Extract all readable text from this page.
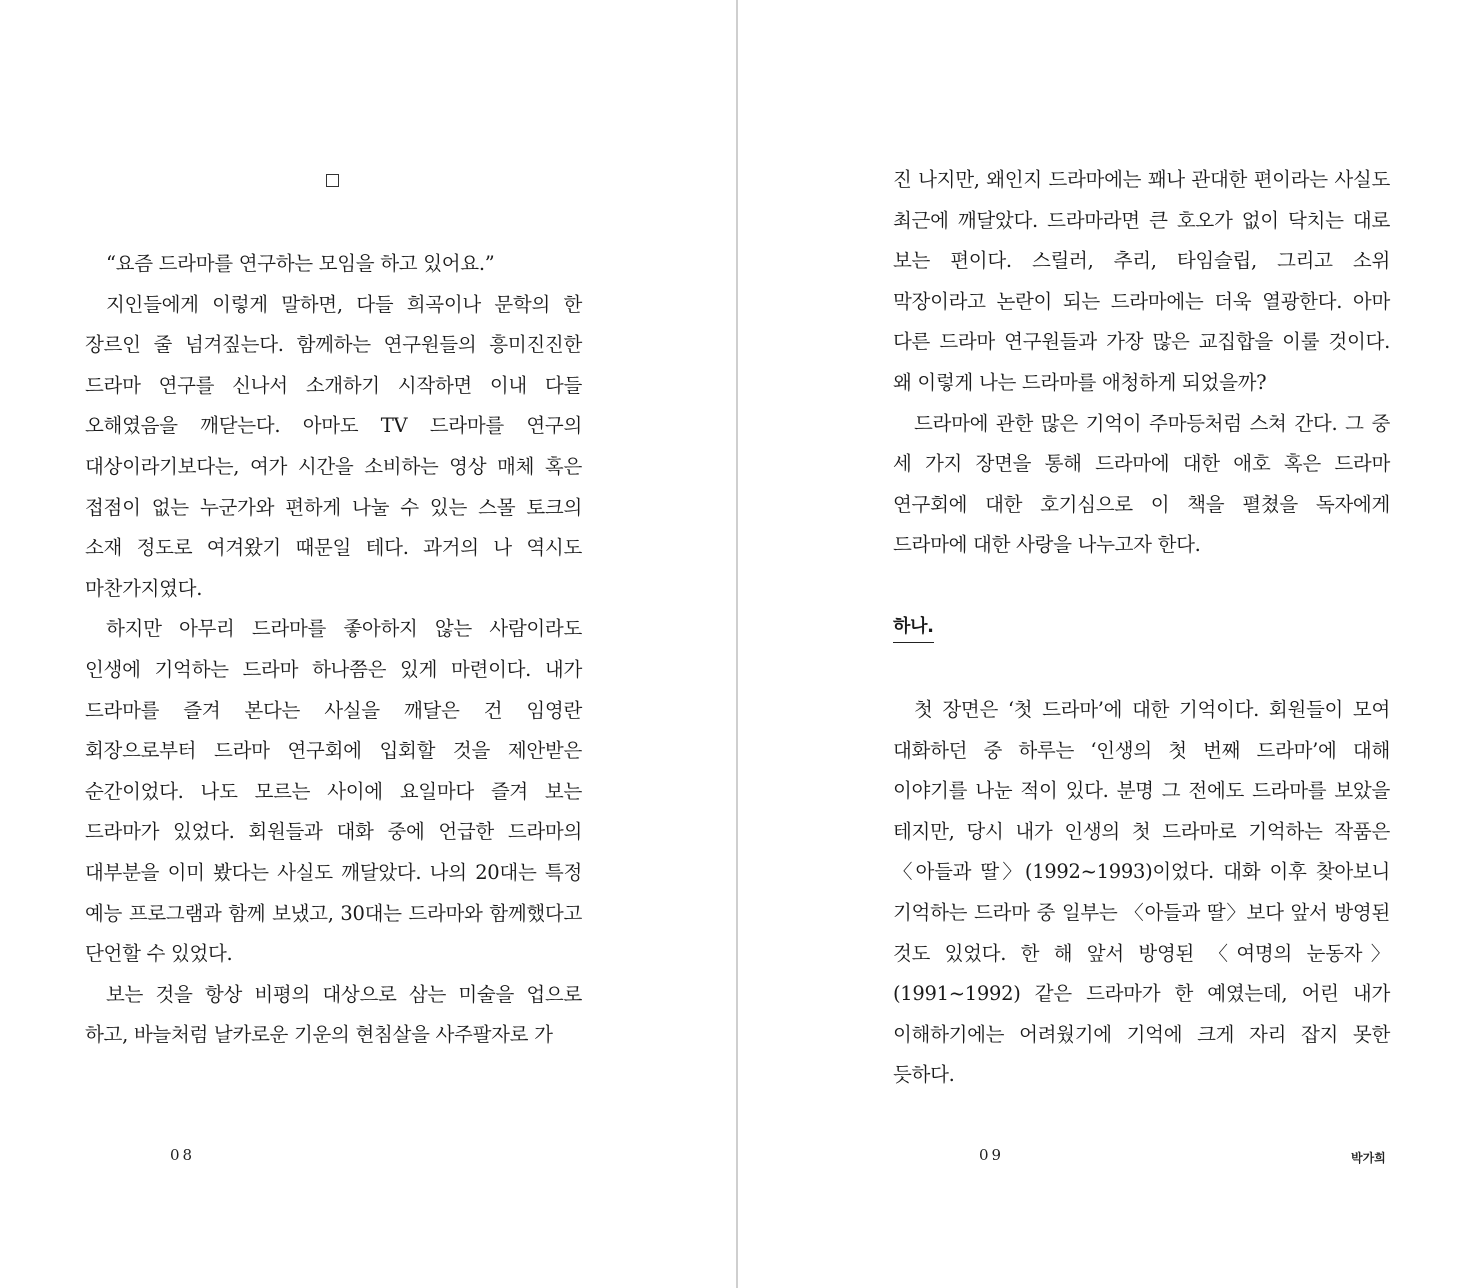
“요즘 드라마를 연구하는 모임을 하고 있어요.”

지인들에게 이렇게 말하면, 다들 희곡이나 문학의 한 장르인 줄 넘겨짚는다. 함께하는 연구원들의 흥미진진한 드라마 연구를 신나서 소개하기 시작하면 이내 다들 오해였음을 깨닫는다. 아마도 TV 드라마를 연구의 대상이라기보다는, 여가 시간을 소비하는 영상 매체 혹은 접점이 없는 누군가와 편하게 나눌 수 있는 스몰 토크의 소재 정도로 여겨왔기 때문일 테다. 과거의 나 역시도 마찬가지였다.

하지만 아무리 드라마를 좋아하지 않는 사람이라도 인생에 기억하는 드라마 하나쯤은 있게 마련이다. 내가 드라마를 즐겨 본다는 사실을 깨달은 건 임영란 회장으로부터 드라마 연구회에 입회할 것을 제안받은 순간이었다. 나도 모르는 사이에 요일마다 즐겨 보는 드라마가 있었다. 회원들과 대화 중에 언급한 드라마의 대부분을 이미 봤다는 사실도 깨달았다. 나의 20대는 특정 예능 프로그램과 함께 보냈고, 30대는 드라마와 함께했다고 단언할 수 있었다.

보는 것을 항상 비평의 대상으로 삼는 미술을 업으로 하고, 바늘처럼 날카로운 기운의 현침살을 사주팔자로 가

08

진 나지만, 왜인지 드라마에는 꽤나 관대한 편이라는 사실도 최근에 깨달았다. 드라마라면 큰 호오가 없이 닥치는 대로 보는 편이다. 스릴러, 추리, 타임슬립, 그리고 소위 막장이라고 논란이 되는 드라마에는 더욱 열광한다. 아마 다른 드라마 연구원들과 가장 많은 교집합을 이룰 것이다. 왜 이렇게 나는 드라마를 애청하게 되었을까?

드라마에 관한 많은 기억이 주마등처럼 스쳐 간다. 그 중 세 가지 장면을 통해 드라마에 대한 애호 혹은 드라마 연구회에 대한 호기심으로 이 책을 펼쳤을 독자에게 드라마에 대한 사랑을 나누고자 한다.

하나.

첫 장면은 ‘첫 드라마’에 대한 기억이다. 회원들이 모여 대화하던 중 하루는 ‘인생의 첫 번째 드라마’에 대해 이야기를 나눈 적이 있다. 분명 그 전에도 드라마를 보았을 테지만, 당시 내가 인생의 첫 드라마로 기억하는 작품은 〈아들과 딸〉(1992~1993)이었다. 대화 이후 찾아보니 기억하는 드라마 중 일부는 〈아들과 딸〉보다 앞서 방영된 것도 있었다. 한 해 앞서 방영된 〈여명의 눈동자〉(1991~1992) 같은 드라마가 한 예였는데, 어린 내가 이해하기에는 어려웠기에 기억에 크게 자리 잡지 못한 듯하다.

09	박가희
